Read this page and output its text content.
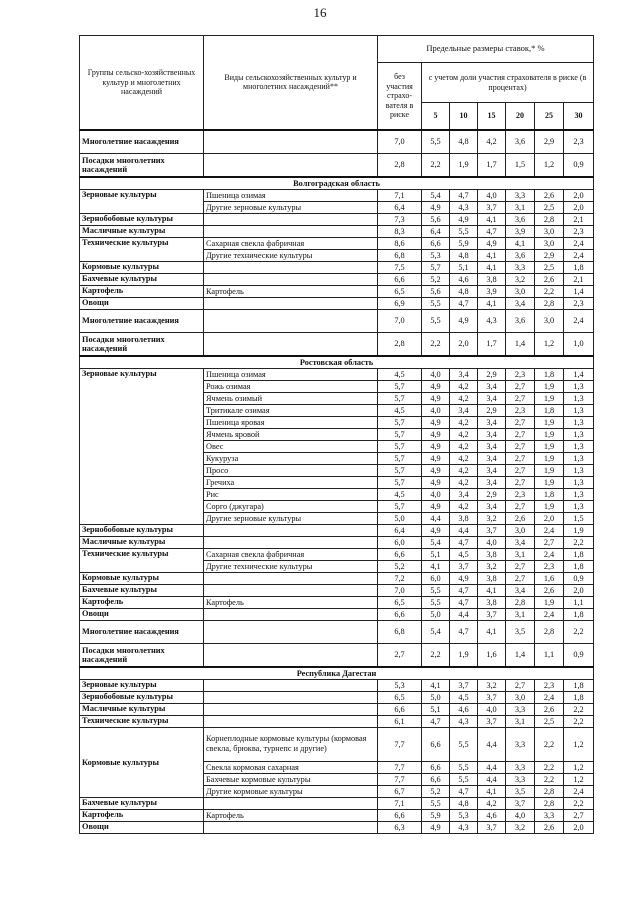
16
Группы сельско-хозяйственных культур и многолетних насаждений	Виды сельскохозяйственных культур и многолетних насаждений**	Предельные размеры ставок,* %						
		без участия страхо-вателя в риске	с учетом доли участия страхователя в риске (в процентах)					
			5	10	15	20	25	30
Многолетние насаждения		7,0	5,5	4,8	4,2	3,6	2,9	2,3
Посадки многолетних насаждений		2,8	2,2	1,9	1,7	1,5	1,2	0,9
Волгоградская область								
Зерновые культуры	Пшеница озимая	7,1	5,4	4,7	4,0	3,3	2,6	2,0
	Другие зерновые культуры	6,4	4,9	4,3	3,7	3,1	2,5	2,0
Зернобобовые культуры		7,3	5,6	4,9	4,1	3,6	2,8	2,1
Масличные культуры		8,3	6,4	5,5	4,7	3,9	3,0	2,3
Технические культуры	Сахарная свекла фабричная	8,6	6,6	5,9	4,9	4,1	3,0	2,4
	Другие технические культуры	6,8	5,3	4,8	4,1	3,6	2,9	2,4
Кормовые культуры		7,5	5,7	5,1	4,1	3,3	2,5	1,8
Бахчевые культуры		6,6	5,2	4,6	3,8	3,2	2,6	2,1
Картофель	Картофель	6,5	5,6	4,8	3,9	3,0	2,2	1,4
Овощи		6,9	5,5	4,7	4,1	3,4	2,8	2,3
Многолетние насаждения		7,0	5,5	4,9	4,3	3,6	3,0	2,4
Посадки многолетних насаждений		2,8	2,2	2,0	1,7	1,4	1,2	1,0
Ростовская область								
Зерновые культуры	Пшеница озимая	4,5	4,0	3,4	2,9	2,3	1,8	1,4
	Рожь озимая	5,7	4,9	4,2	3,4	2,7	1,9	1,3
	Ячмень озимый	5,7	4,9	4,2	3,4	2,7	1,9	1,3
	Тритикале озимая	4,5	4,0	3,4	2,9	2,3	1,8	1,3
	Пшеница яровая	5,7	4,9	4,2	3,4	2,7	1,9	1,3
	Ячмень яровой	5,7	4,9	4,2	3,4	2,7	1,9	1,3
	Овес	5,7	4,9	4,2	3,4	2,7	1,9	1,3
	Кукуруза	5,7	4,9	4,2	3,4	2,7	1,9	1,3
	Просо	5,7	4,9	4,2	3,4	2,7	1,9	1,3
	Гречиха	5,7	4,9	4,2	3,4	2,7	1,9	1,3
	Рис	4,5	4,0	3,4	2,9	2,3	1,8	1,3
	Сорго (джугара)	5,7	4,9	4,2	3,4	2,7	1,9	1,3
	Другие зерновые культуры	5,0	4,4	3,8	3,2	2,6	2,0	1,5
Зернобобовые культуры		6,4	4,9	4,4	3,7	3,0	2,4	1,9
Масличные культуры		6,0	5,4	4,7	4,0	3,4	2,7	2,2
Технические культуры	Сахарная свекла фабричная	6,6	5,1	4,5	3,8	3,1	2,4	1,8
	Другие технические культуры	5,2	4,1	3,7	3,2	2,7	2,3	1,8
Кормовые культуры		7,2	6,0	4,9	3,8	2,7	1,6	0,9
Бахчевые культуры		7,0	5,5	4,7	4,1	3,4	2,6	2,0
Картофель	Картофель	6,5	5,5	4,7	3,8	2,8	1,9	1,1
Овощи		6,6	5,0	4,4	3,7	3,1	2,4	1,8
Многолетние насаждения		6,8	5,4	4,7	4,1	3,5	2,8	2,2
Посадки многолетних насаждений		2,7	2,2	1,9	1,6	1,4	1,1	0,9
Республика Дагестан								
Зерновые культуры		5,3	4,1	3,7	3,2	2,7	2,3	1,8
Зернобобовые культуры		6,5	5,0	4,5	3,7	3,0	2,4	1,8
Масличные культуры		6,6	5,1	4,6	4,0	3,3	2,6	2,2
Технические культуры		6,1	4,7	4,3	3,7	3,1	2,5	2,2
Кормовые культуры	Корнеплодные кормовые культуры (кормовая свекла, брюква, турнепс и другие)	7,7	6,6	5,5	4,4	3,3	2,2	1,2
	Свекла кормовая сахарная	7,7	6,6	5,5	4,4	3,3	2,2	1,2
	Бахчевые кормовые культуры	7,7	6,6	5,5	4,4	3,3	2,2	1,2
	Другие кормовые культуры	6,7	5,2	4,7	4,1	3,5	2,8	2,4
Бахчевые культуры		7,1	5,5	4,8	4,2	3,7	2,8	2,2
Картофель	Картофель	6,6	5,9	5,3	4,6	4,0	3,3	2,7
Овощи		6,3	4,9	4,3	3,7	3,2	2,6	2,0
